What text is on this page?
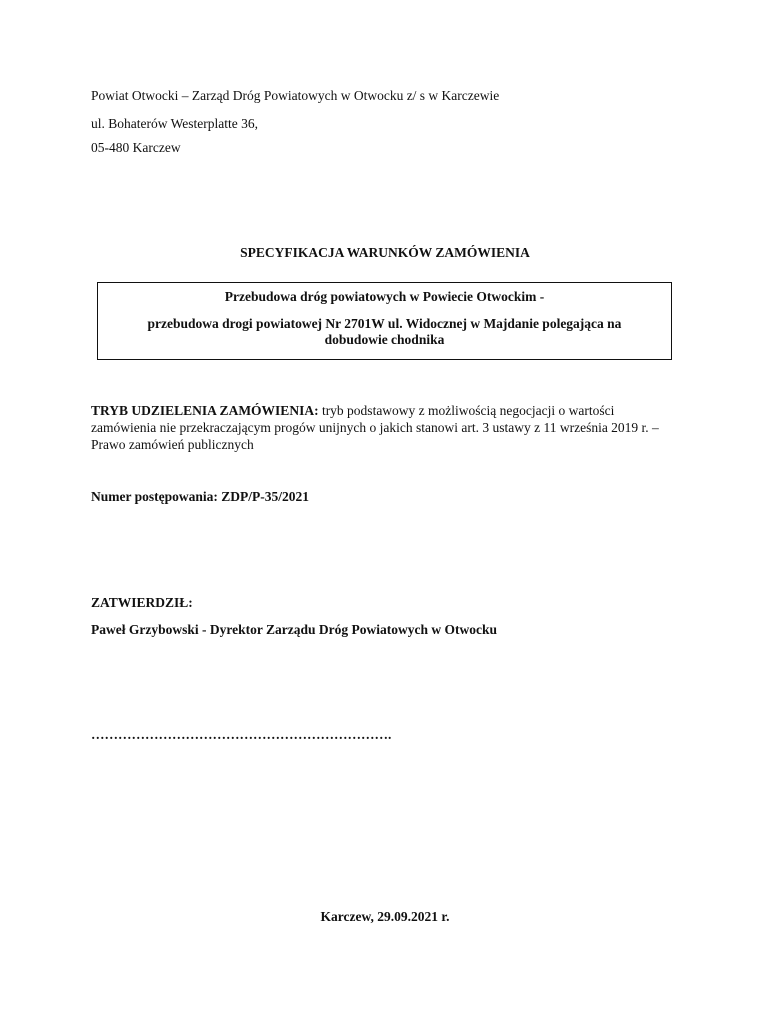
Powiat Otwocki – Zarząd Dróg Powiatowych w Otwocku z/ s w Karczewie
ul. Bohaterów Westerplatte 36,
05-480 Karczew
SPECYFIKACJA WARUNKÓW ZAMÓWIENIA
Przebudowa dróg powiatowych w Powiecie Otwockim -
przebudowa drogi powiatowej Nr 2701W ul. Widocznej w Majdanie polegająca na dobudowie chodnika
TRYB UDZIELENIA ZAMÓWIENIA: tryb podstawowy z możliwością negocjacji o wartości zamówienia nie przekraczającym progów unijnych o jakich stanowi art. 3 ustawy z 11 września 2019 r. – Prawo zamówień publicznych
Numer postępowania: ZDP/P-35/2021
ZATWIERDZIŁ:
Paweł Grzybowski - Dyrektor Zarządu Dróg Powiatowych w Otwocku
………………………………………………………….
Karczew, 29.09.2021 r.
